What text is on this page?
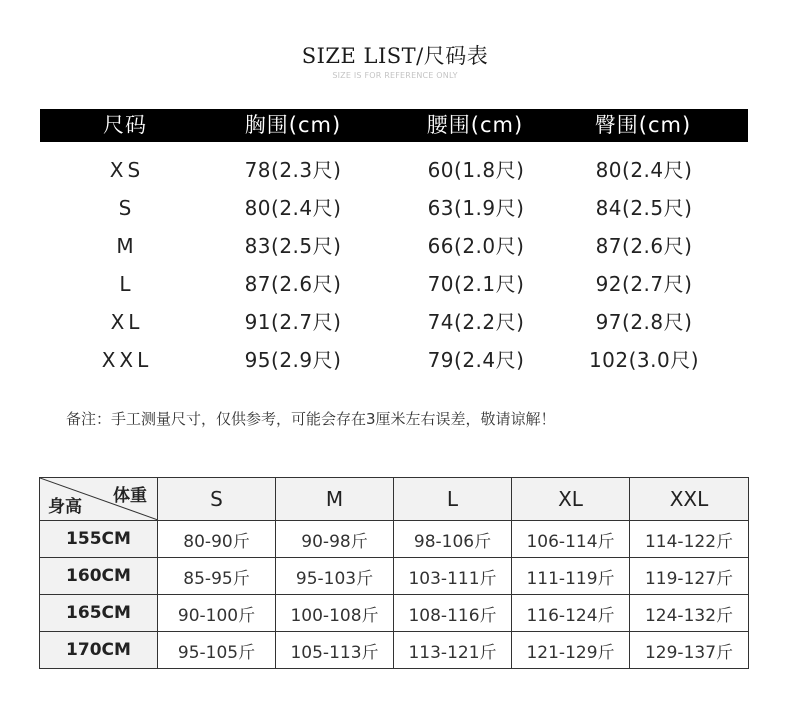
SIZE LIST/尺码表
SIZE IS FOR REFERENCE ONLY
尺码	胸围(cm)	腰围(cm)	臀围(cm)
XS	78(2.3尺)	60(1.8尺)	80(2.4尺)
S	80(2.4尺)	63(1.9尺)	84(2.5尺)
M	83(2.5尺)	66(2.0尺)	87(2.6尺)
L	87(2.6尺)	70(2.1尺)	92(2.7尺)
XL	91(2.7尺)	74(2.2尺)	97(2.8尺)
XXL	95(2.9尺)	79(2.4尺)	102(3.0尺)
备注：手工测量尺寸，仅供参考，可能会存在3厘米左右误差，敬请谅解！
体重
身高	S	M	L	XL	XXL
155CM	80-90斤	90-98斤	98-106斤	106-114斤	114-122斤
160CM	85-95斤	95-103斤	103-111斤	111-119斤	119-127斤
165CM	90-100斤	100-108斤	108-116斤	116-124斤	124-132斤
170CM	95-105斤	105-113斤	113-121斤	121-129斤	129-137斤
